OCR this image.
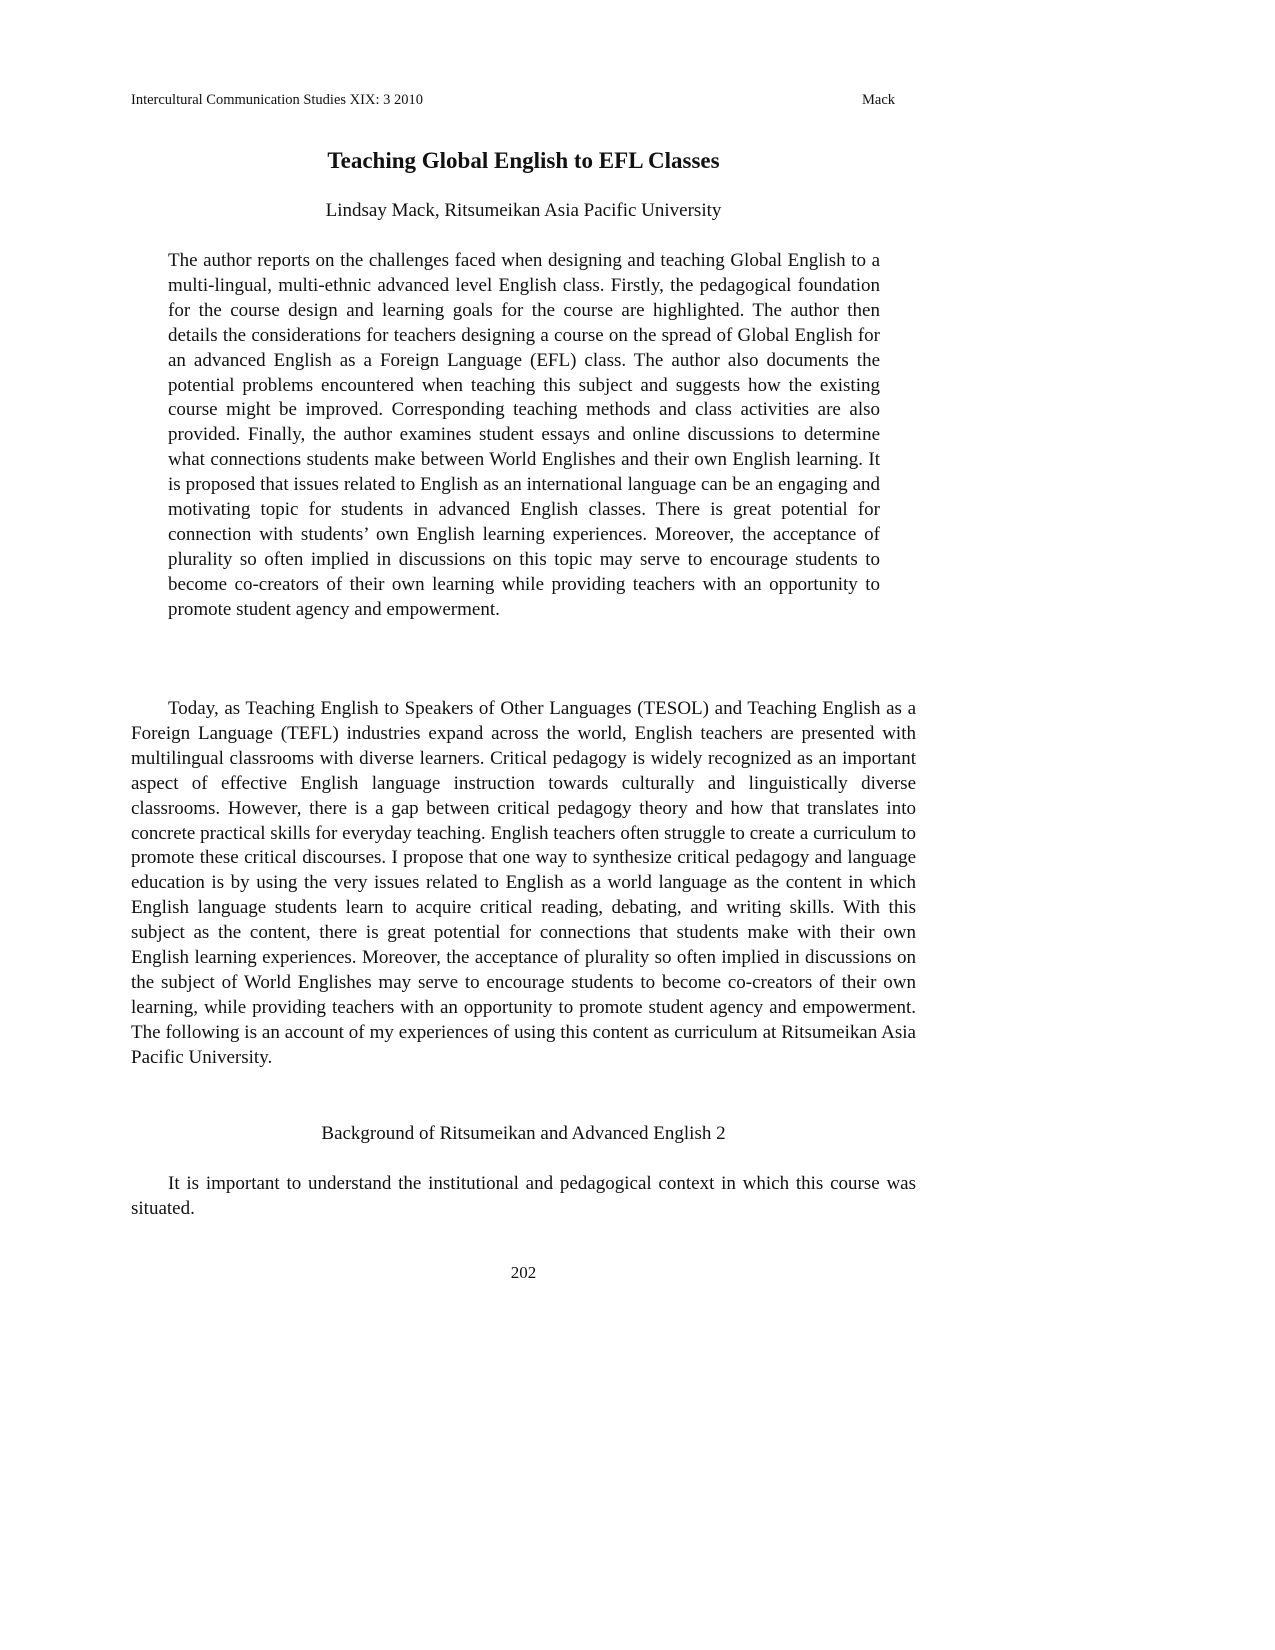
Intercultural Communication Studies XIX: 3 2010	Mack
Teaching Global English to EFL Classes
Lindsay Mack, Ritsumeikan Asia Pacific University

The author reports on the challenges faced when designing and teaching Global English to a multi-lingual, multi-ethnic advanced level English class. Firstly, the pedagogical foundation for the course design and learning goals for the course are highlighted. The author then details the considerations for teachers designing a course on the spread of Global English for an advanced English as a Foreign Language (EFL) class. The author also documents the potential problems encountered when teaching this subject and suggests how the existing course might be improved. Corresponding teaching methods and class activities are also provided. Finally, the author examines student essays and online discussions to determine what connections students make between World Englishes and their own English learning. It is proposed that issues related to English as an international language can be an engaging and motivating topic for students in advanced English classes. There is great potential for connection with students’ own English learning experiences. Moreover, the acceptance of plurality so often implied in discussions on this topic may serve to encourage students to become co-creators of their own learning while providing teachers with an opportunity to promote student agency and empowerment.

Today, as Teaching English to Speakers of Other Languages (TESOL) and Teaching English as a Foreign Language (TEFL) industries expand across the world, English teachers are presented with multilingual classrooms with diverse learners. Critical pedagogy is widely recognized as an important aspect of effective English language instruction towards culturally and linguistically diverse classrooms. However, there is a gap between critical pedagogy theory and how that translates into concrete practical skills for everyday teaching. English teachers often struggle to create a curriculum to promote these critical discourses. I propose that one way to synthesize critical pedagogy and language education is by using the very issues related to English as a world language as the content in which English language students learn to acquire critical reading, debating, and writing skills. With this subject as the content, there is great potential for connections that students make with their own English learning experiences. Moreover, the acceptance of plurality so often implied in discussions on the subject of World Englishes may serve to encourage students to become co-creators of their own learning, while providing teachers with an opportunity to promote student agency and empowerment. The following is an account of my experiences of using this content as curriculum at Ritsumeikan Asia Pacific University.

Background of Ritsumeikan and Advanced English 2

It is important to understand the institutional and pedagogical context in which this course was situated.

202
